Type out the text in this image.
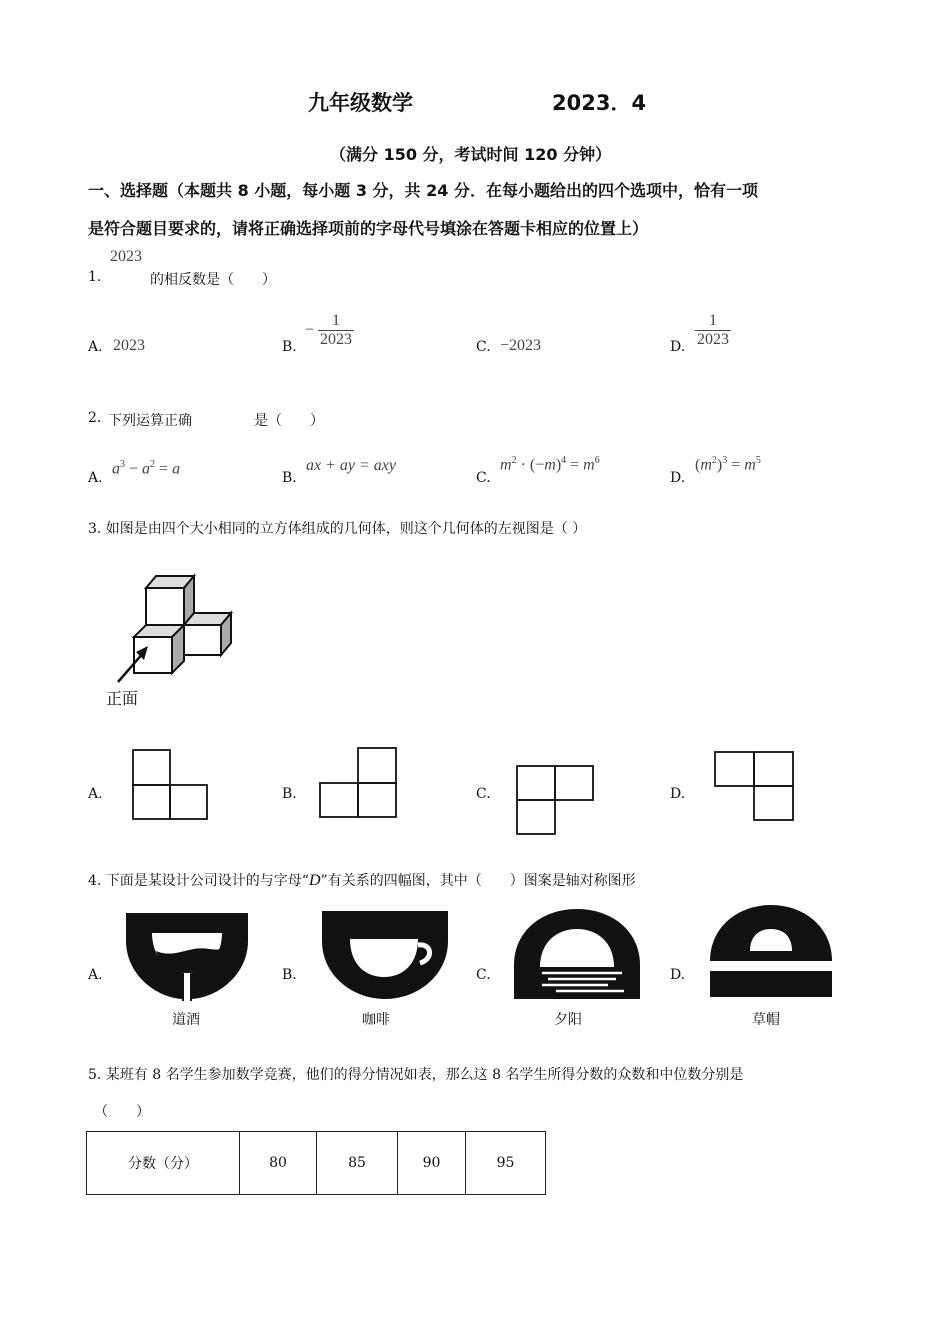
九年级数学	2023．4
（满分 150 分，考试时间 120 分钟）
一、选择题（本题共 8 小题，每小题 3 分，共 24 分．在每小题给出的四个选项中，恰有一项
是符合题目要求的，请将正确选择项前的字母代号填涂在答题卡相应的位置上）
1.
2023
的相反数是（　　）
A. 2023	B.
− $\frac{1}{2023}$	C. −2023	D. $\frac{1}{2023}$
2. 下列运算正确	是（　　）
A.
$a^3 - a^2 = a$
B.
ax + ay = axy
C.
$m^2 \cdot (-m)^4 = m^6$
D.
$(m^2)^3 = m^5$
3. 如图是由四个大小相同的立方体组成的几何体，则这个几何体的左视图是（ ）
正面
A.	B.	C.	D.
4. 下面是某设计公司设计的与字母“D”有关系的四幅图，其中（　　）图案是轴对称图形
A.
道酒
B.
咖啡
C.
夕阳
D.
草帽
5. 某班有 8 名学生参加数学竞赛，他们的得分情况如表，那么这 8 名学生所得分数的众数和中位数分别是
（　　）
分数（分）	80	85	90	95
